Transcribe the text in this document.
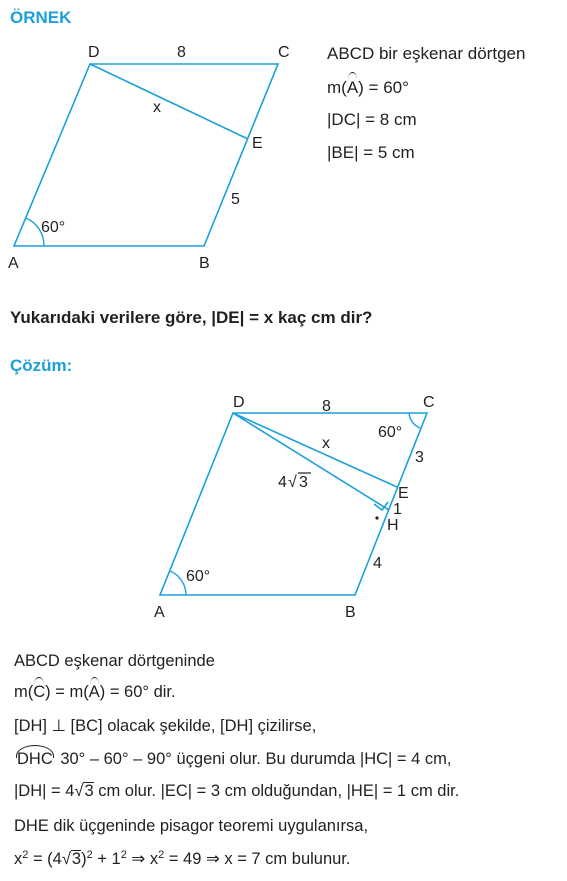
ÖRNEK
D	8	C
x
E
5
60°
A	B
ABCD bir eşkenar dörtgen
m(A) = 60°
|DC| = 8 cm
|BE| = 5 cm
Yukarıdaki verilere göre, |DE| = x kaç cm dir?
Çözüm:
D	8	C
60°
x
3
4 √ 3
E
1
H
4
60°
A	B
ABCD eşkenar dörtgeninde
m(C) = m(A) = 60° dir.
[DH] ⊥ [BC] olacak şekilde, [DH] çizilirse,
DHC 30° – 60° – 90° üçgeni olur. Bu durumda |HC| = 4 cm,
|DH| = 4√3 cm olur. |EC| = 3 cm olduğundan, |HE| = 1 cm dir.
DHE dik üçgeninde pisagor teoremi uygulanırsa,
$x^2 = (4√3)^2 + 1^2$ ⇒ $x^2 = 49$ ⇒ x = 7 cm bulunur.
